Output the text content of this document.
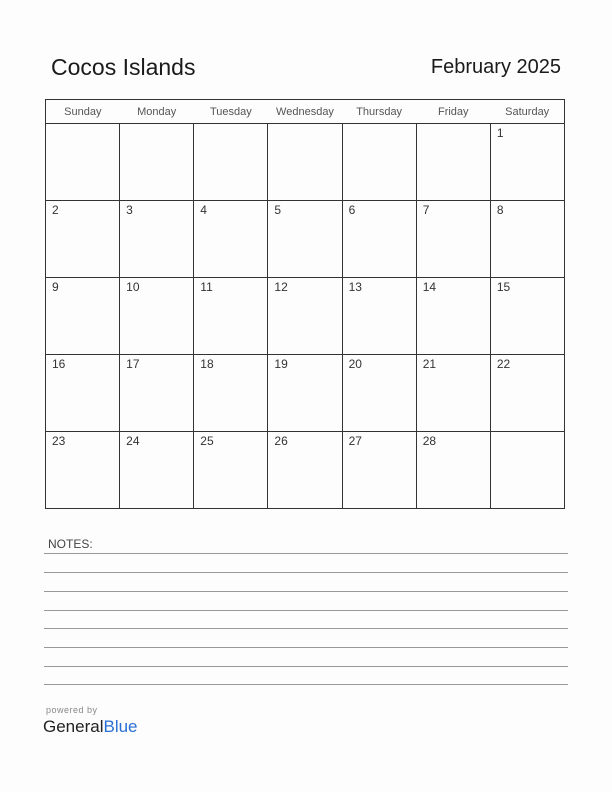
Cocos Islands	February 2025
Sunday	Monday	Tuesday	Wednesday	Thursday	Friday	Saturday

						1

2	3	4	5	6	7	8

9	10	11	12	13	14	15

16	17	18	19	20	21	22

23	24	25	26	27	28	

NOTES:
powered by
GeneralBlue
